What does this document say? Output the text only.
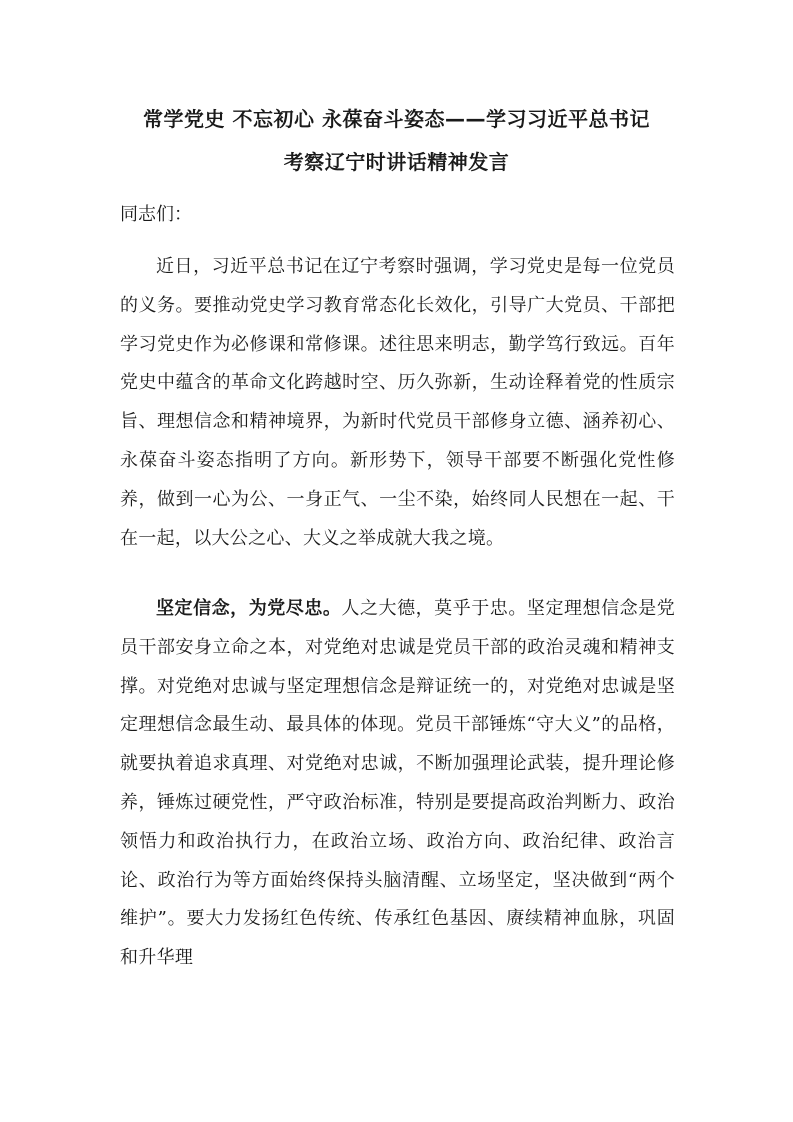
常学党史 不忘初心 永葆奋斗姿态——学习习近平总书记
考察辽宁时讲话精神发言

同志们：

近日，习近平总书记在辽宁考察时强调，学习党史是每一位党员的义务。要推动党史学习教育常态化长效化，引导广大党员、干部把学习党史作为必修课和常修课。述往思来明志，勤学笃行致远。百年党史中蕴含的革命文化跨越时空、历久弥新，生动诠释着党的性质宗旨、理想信念和精神境界，为新时代党员干部修身立德、涵养初心、永葆奋斗姿态指明了方向。新形势下，领导干部要不断强化党性修养，做到一心为公、一身正气、一尘不染，始终同人民想在一起、干在一起，以大公之心、大义之举成就大我之境。

坚定信念，为党尽忠。人之大德，莫乎于忠。坚定理想信念是党员干部安身立命之本，对党绝对忠诚是党员干部的政治灵魂和精神支撑。对党绝对忠诚与坚定理想信念是辩证统一的，对党绝对忠诚是坚定理想信念最生动、最具体的体现。党员干部锤炼“守大义”的品格，就要执着追求真理、对党绝对忠诚，不断加强理论武装，提升理论修养，锤炼过硬党性，严守政治标准，特别是要提高政治判断力、政治领悟力和政治执行力，在政治立场、政治方向、政治纪律、政治言论、政治行为等方面始终保持头脑清醒、立场坚定，坚决做到“两个维护”。要大力发扬红色传统、传承红色基因、赓续精神血脉，巩固和升华理
